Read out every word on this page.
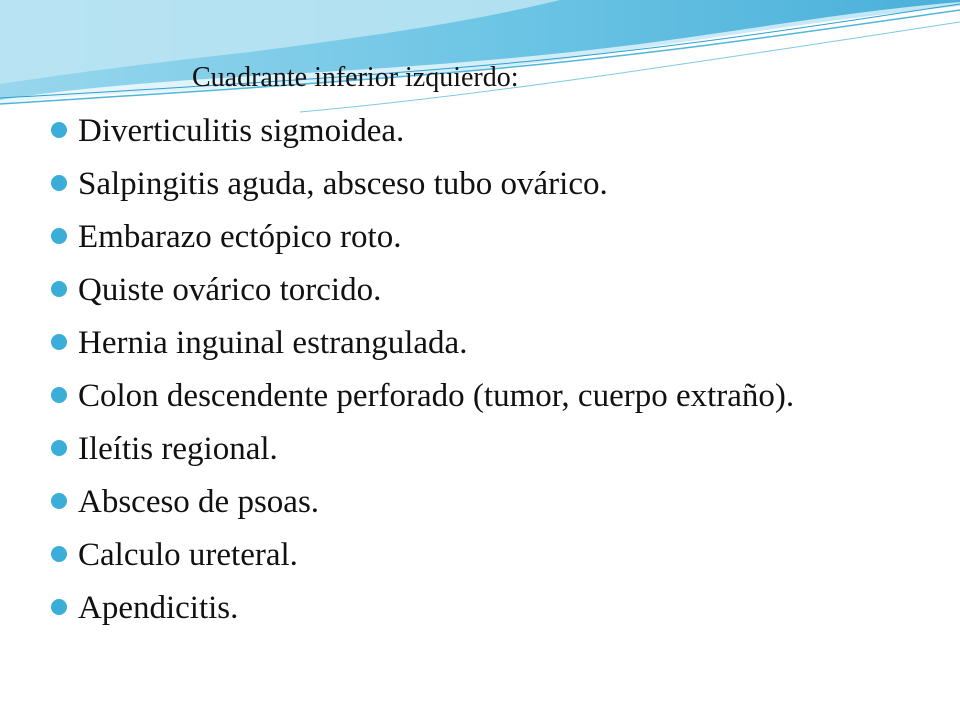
Cuadrante inferior izquierdo:
Diverticulitis sigmoidea.
Salpingitis aguda, absceso tubo ovárico.
Embarazo ectópico roto.
Quiste ovárico torcido.
Hernia inguinal estrangulada.
Colon descendente perforado (tumor, cuerpo extraño).
Ileítis regional.
Absceso de psoas.
Calculo ureteral.
Apendicitis.
